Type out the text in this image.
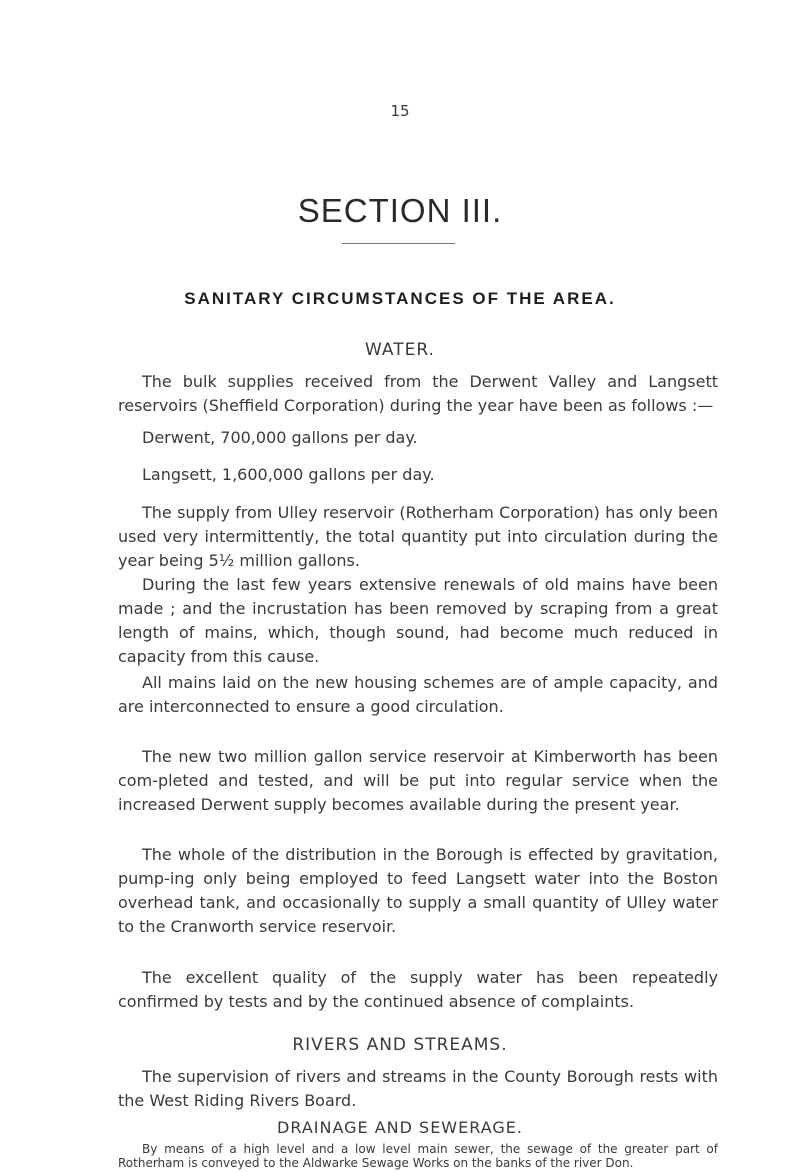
15
SECTION III.
SANITARY CIRCUMSTANCES OF THE AREA.
WATER.

The bulk supplies received from the Derwent Valley and Langsett reservoirs (Sheffield Corporation) during the year have been as follows :—

Derwent, 700,000 gallons per day.
Langsett, 1,600,000 gallons per day.

The supply from Ulley reservoir (Rotherham Corporation) has only been used very intermittently, the total quantity put into circulation during the year being 5½ million gallons.

During the last few years extensive renewals of old mains have been made ; and the incrustation has been removed by scraping from a great length of mains, which, though sound, had become much reduced in capacity from this cause.

All mains laid on the new housing schemes are of ample capacity, and are interconnected to ensure a good circulation.

The new two million gallon service reservoir at Kimberworth has been com-pleted and tested, and will be put into regular service when the increased Derwent supply becomes available during the present year.

The whole of the distribution in the Borough is effected by gravitation, pump-ing only being employed to feed Langsett water into the Boston overhead tank, and occasionally to supply a small quantity of Ulley water to the Cranworth service reservoir.

The excellent quality of the supply water has been repeatedly confirmed by tests and by the continued absence of complaints.

RIVERS AND STREAMS.

The supervision of rivers and streams in the County Borough rests with the West Riding Rivers Board.

DRAINAGE AND SEWERAGE.

By means of a high level and a low level main sewer, the sewage of the greater part of Rotherham is conveyed to the Aldwarke Sewage Works on the banks of the river Don.
